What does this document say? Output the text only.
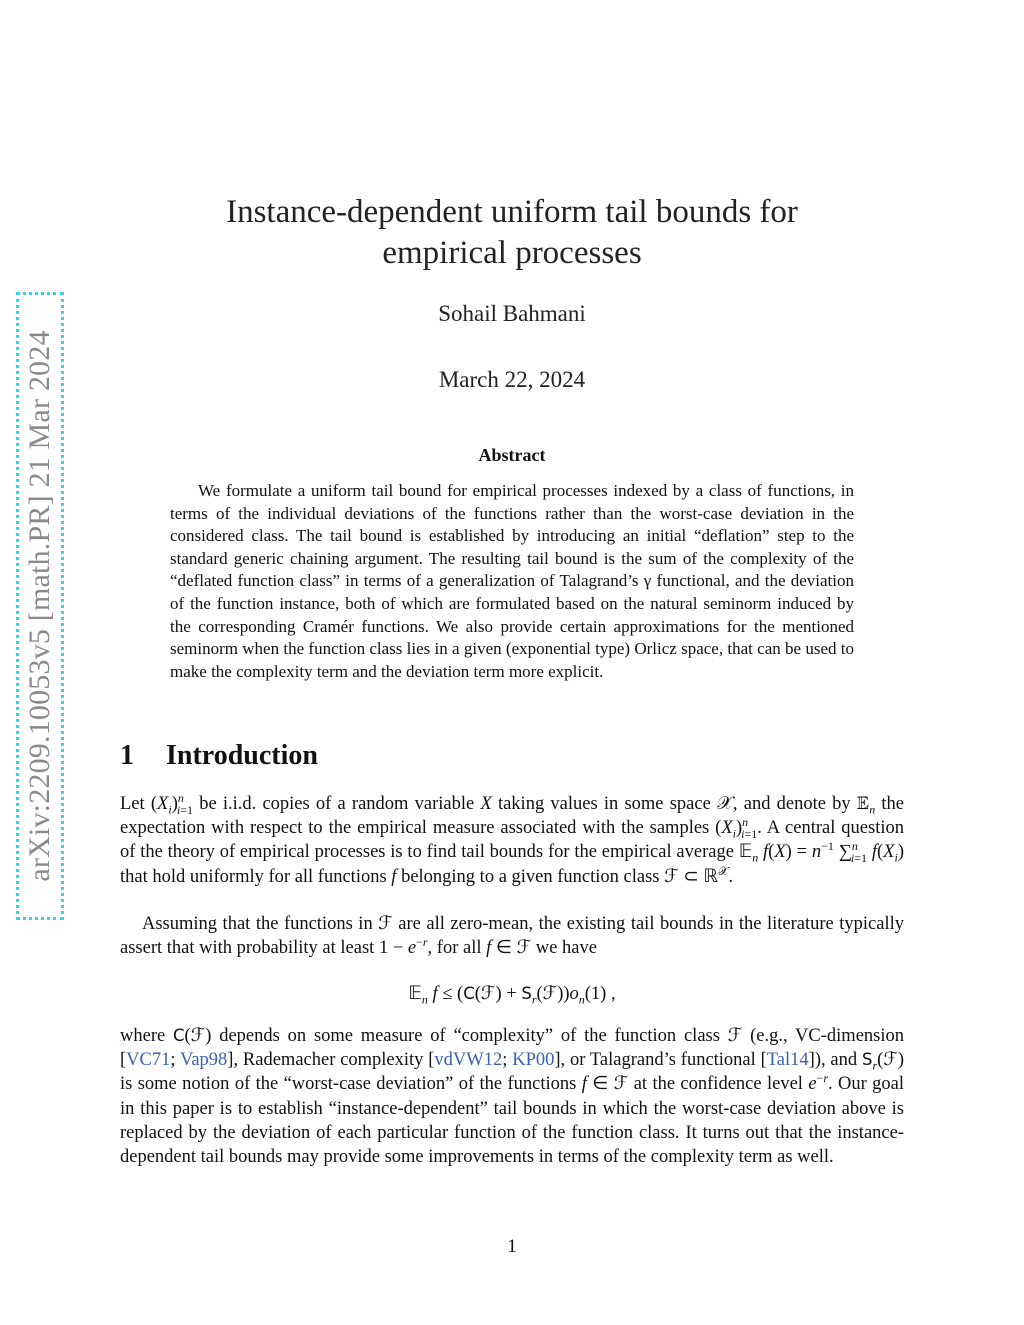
arXiv:2209.10053v5 [math.PR] 21 Mar 2024
Instance-dependent uniform tail bounds for
empirical processes
Sohail Bahmani
March 22, 2024
Abstract

We formulate a uniform tail bound for empirical processes indexed by a class of functions, in terms of the individual deviations of the functions rather than the worst-case deviation in the considered class. The tail bound is established by introducing an initial “deflation” step to the standard generic chaining argument. The resulting tail bound is the sum of the complexity of the “deflated function class” in terms of a generalization of Talagrand’s γ functional, and the deviation of the function instance, both of which are formulated based on the natural seminorm induced by the corresponding Cramér functions. We also provide certain approximations for the mentioned seminorm when the function class lies in a given (exponential type) Orlicz space, that can be used to make the complexity term and the deviation term more explicit.

1 Introduction

Let $(X_i)^n_{i=1}$ be i.i.d. copies of a random variable X taking values in some space 𝒳, and denote by 𝔼$_n$ the expectation with respect to the empirical measure associated with the samples $(X_i)^n_{i=1}$. A central question of the theory of empirical processes is to find tail bounds for the empirical average 𝔼$_n$ $f(X) = n^{-1}$ ∑$^n_{i=1}$ $f(X_i)$ that hold uniformly for all functions f belonging to a given function class ℱ ⊂ ℝ$^𝒳$.

Assuming that the functions in ℱ are all zero-mean, the existing tail bounds in the literature typically assert that with probability at least $1 - e^{-r}$, for all f ∈ ℱ we have

𝔼$_n$ f ≤ (C(ℱ) + $S_r(ℱ))o_n(1)$ ,

where C(ℱ) depends on some measure of “complexity” of the function class ℱ (e.g., VC-dimension [VC71; Vap98], Rademacher complexity [vdVW12; KP00], or Talagrand’s functional [Tal14]), and $S_r(ℱ)$ is some notion of the “worst-case deviation” of the functions f ∈ ℱ at the confidence level $e^{-r}$. Our goal in this paper is to establish “instance-dependent” tail bounds in which the worst-case deviation above is replaced by the deviation of each particular function of the function class. It turns out that the instance-dependent tail bounds may provide some improvements in terms of the complexity term as well.

1
